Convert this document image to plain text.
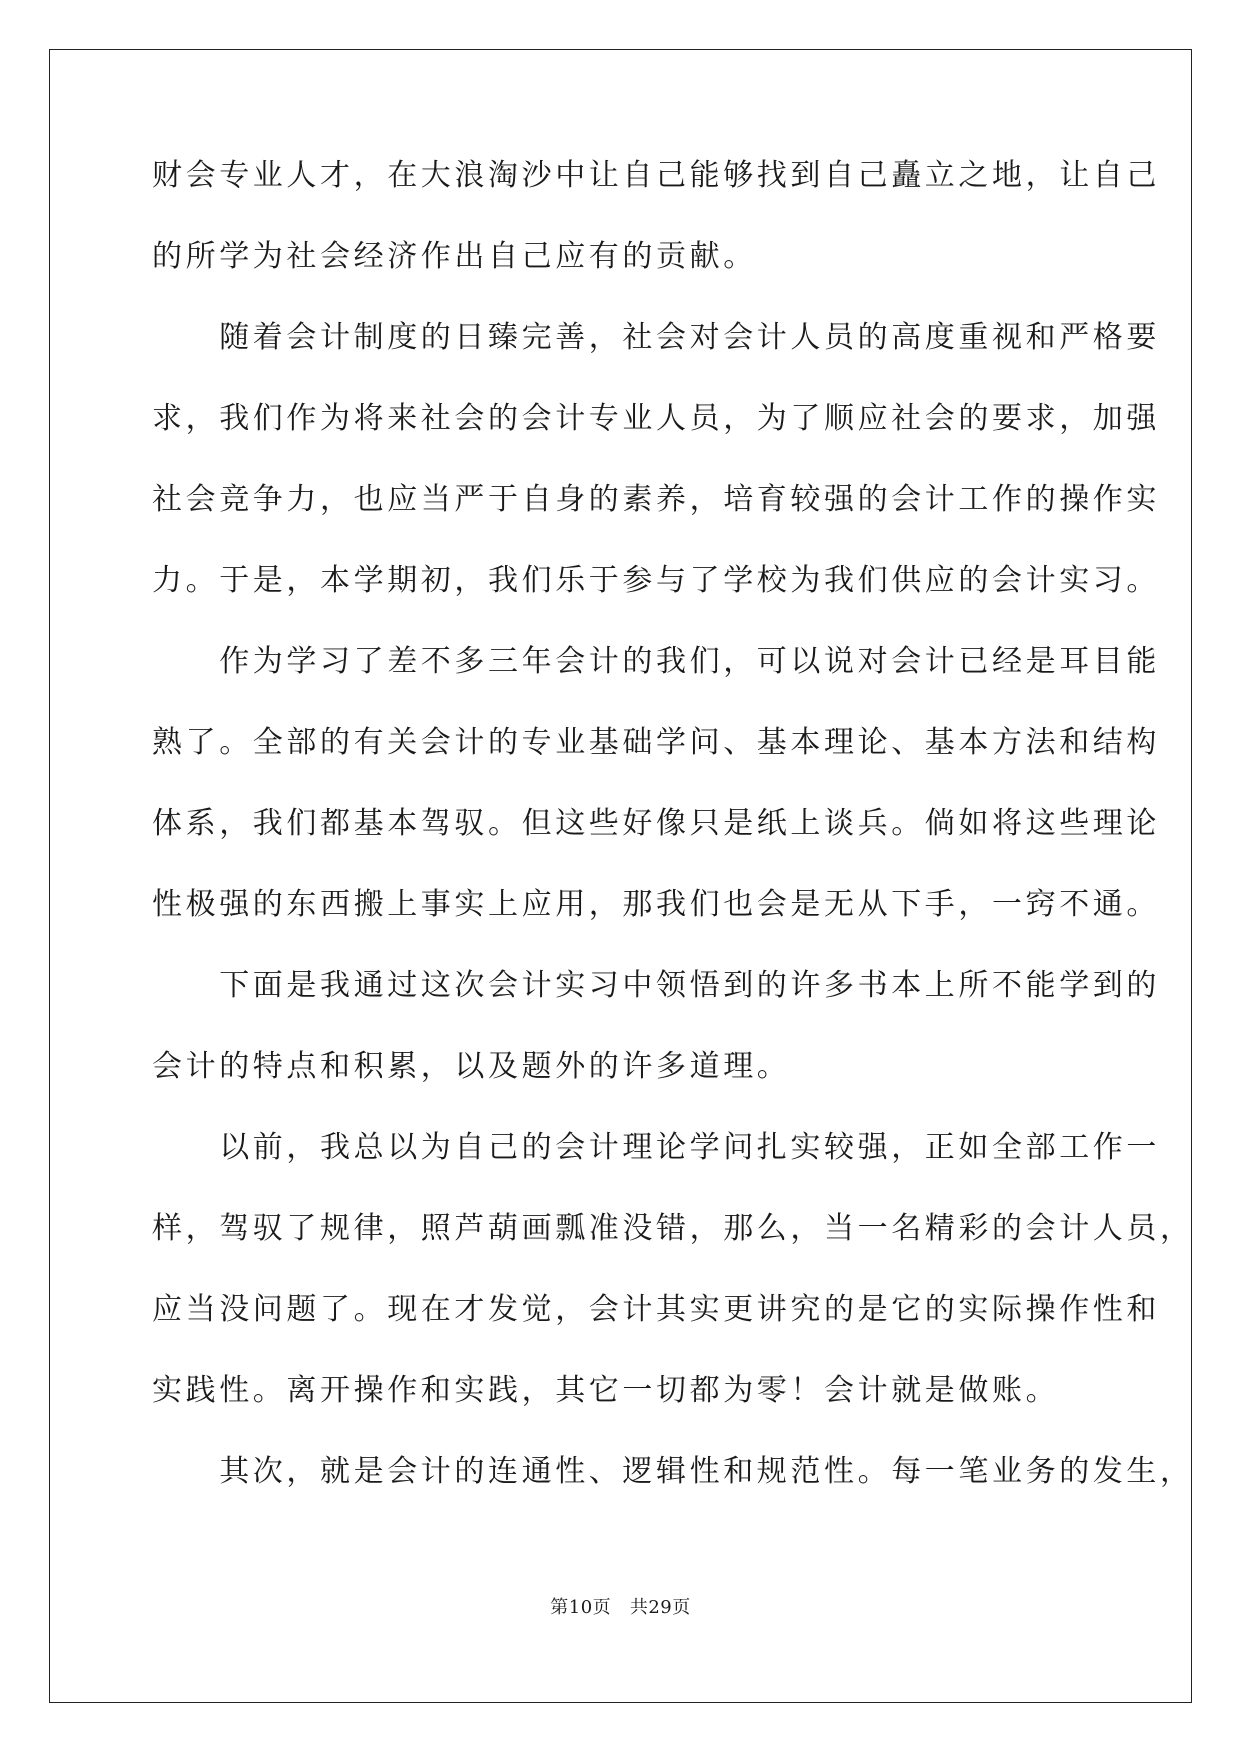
财会专业人才，在大浪淘沙中让自己能够找到自己矗立之地，让自己
的所学为社会经济作出自己应有的贡献。
　　随着会计制度的日臻完善，社会对会计人员的高度重视和严格要
求，我们作为将来社会的会计专业人员，为了顺应社会的要求，加强
社会竞争力，也应当严于自身的素养，培育较强的会计工作的操作实
力。于是，本学期初，我们乐于参与了学校为我们供应的会计实习。
　　作为学习了差不多三年会计的我们，可以说对会计已经是耳目能
熟了。全部的有关会计的专业基础学问、基本理论、基本方法和结构
体系，我们都基本驾驭。但这些好像只是纸上谈兵。倘如将这些理论
性极强的东西搬上事实上应用，那我们也会是无从下手，一窍不通。
　　下面是我通过这次会计实习中领悟到的许多书本上所不能学到的
会计的特点和积累，以及题外的许多道理。
　　以前，我总以为自己的会计理论学问扎实较强，正如全部工作一
样，驾驭了规律，照芦葫画瓢准没错，那么，当一名精彩的会计人员，
应当没问题了。现在才发觉，会计其实更讲究的是它的实际操作性和
实践性。离开操作和实践，其它一切都为零！会计就是做账。
　　其次，就是会计的连通性、逻辑性和规范性。每一笔业务的发生，
第10页 共29页
